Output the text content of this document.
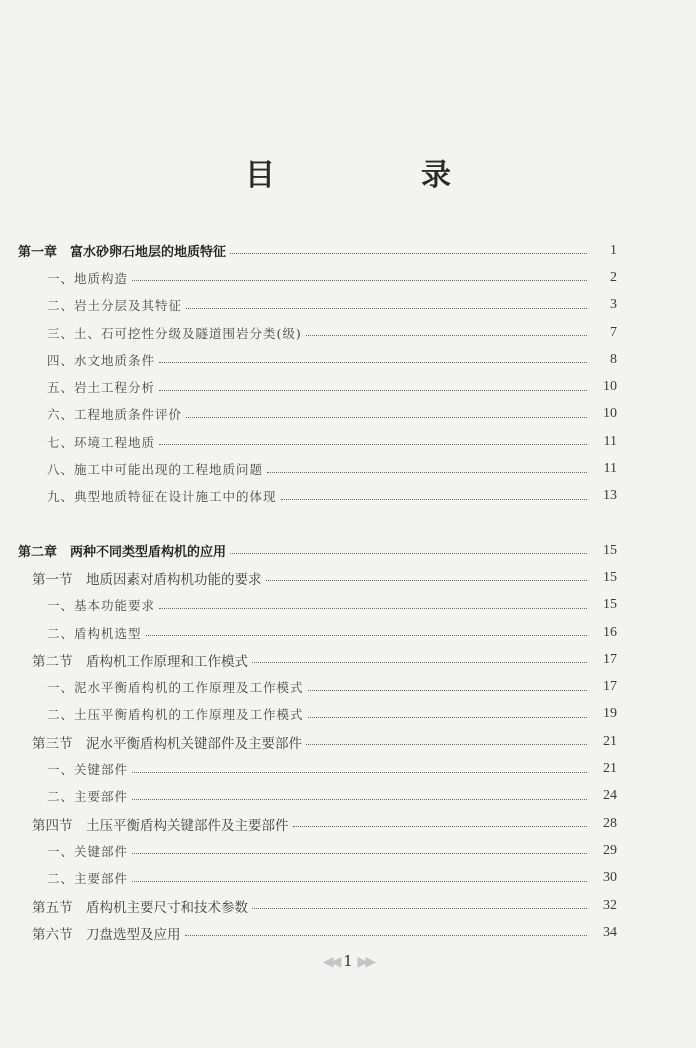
目　录
第一章　富水砂卵石地层的地质特征	1
一、地质构造	2
二、岩土分层及其特征	3
三、土、石可挖性分级及隧道围岩分类(级)	7
四、水文地质条件	8
五、岩土工程分析	10
六、工程地质条件评价	10
七、环境工程地质	11
八、施工中可能出现的工程地质问题	11
九、典型地质特征在设计施工中的体现	13
第二章　两种不同类型盾构机的应用	15
第一节　地质因素对盾构机功能的要求	15
一、基本功能要求	15
二、盾构机选型	16
第二节　盾构机工作原理和工作模式	17
一、泥水平衡盾构机的工作原理及工作模式	17
二、土压平衡盾构机的工作原理及工作模式	19
第三节　泥水平衡盾构机关键部件及主要部件	21
一、关键部件	21
二、主要部件	24
第四节　土压平衡盾构关键部件及主要部件	28
一、关键部件	29
二、主要部件	30
第五节　盾构机主要尺寸和技术参数	32
第六节　刀盘选型及应用	34
◀◀ 1 ▶▶
